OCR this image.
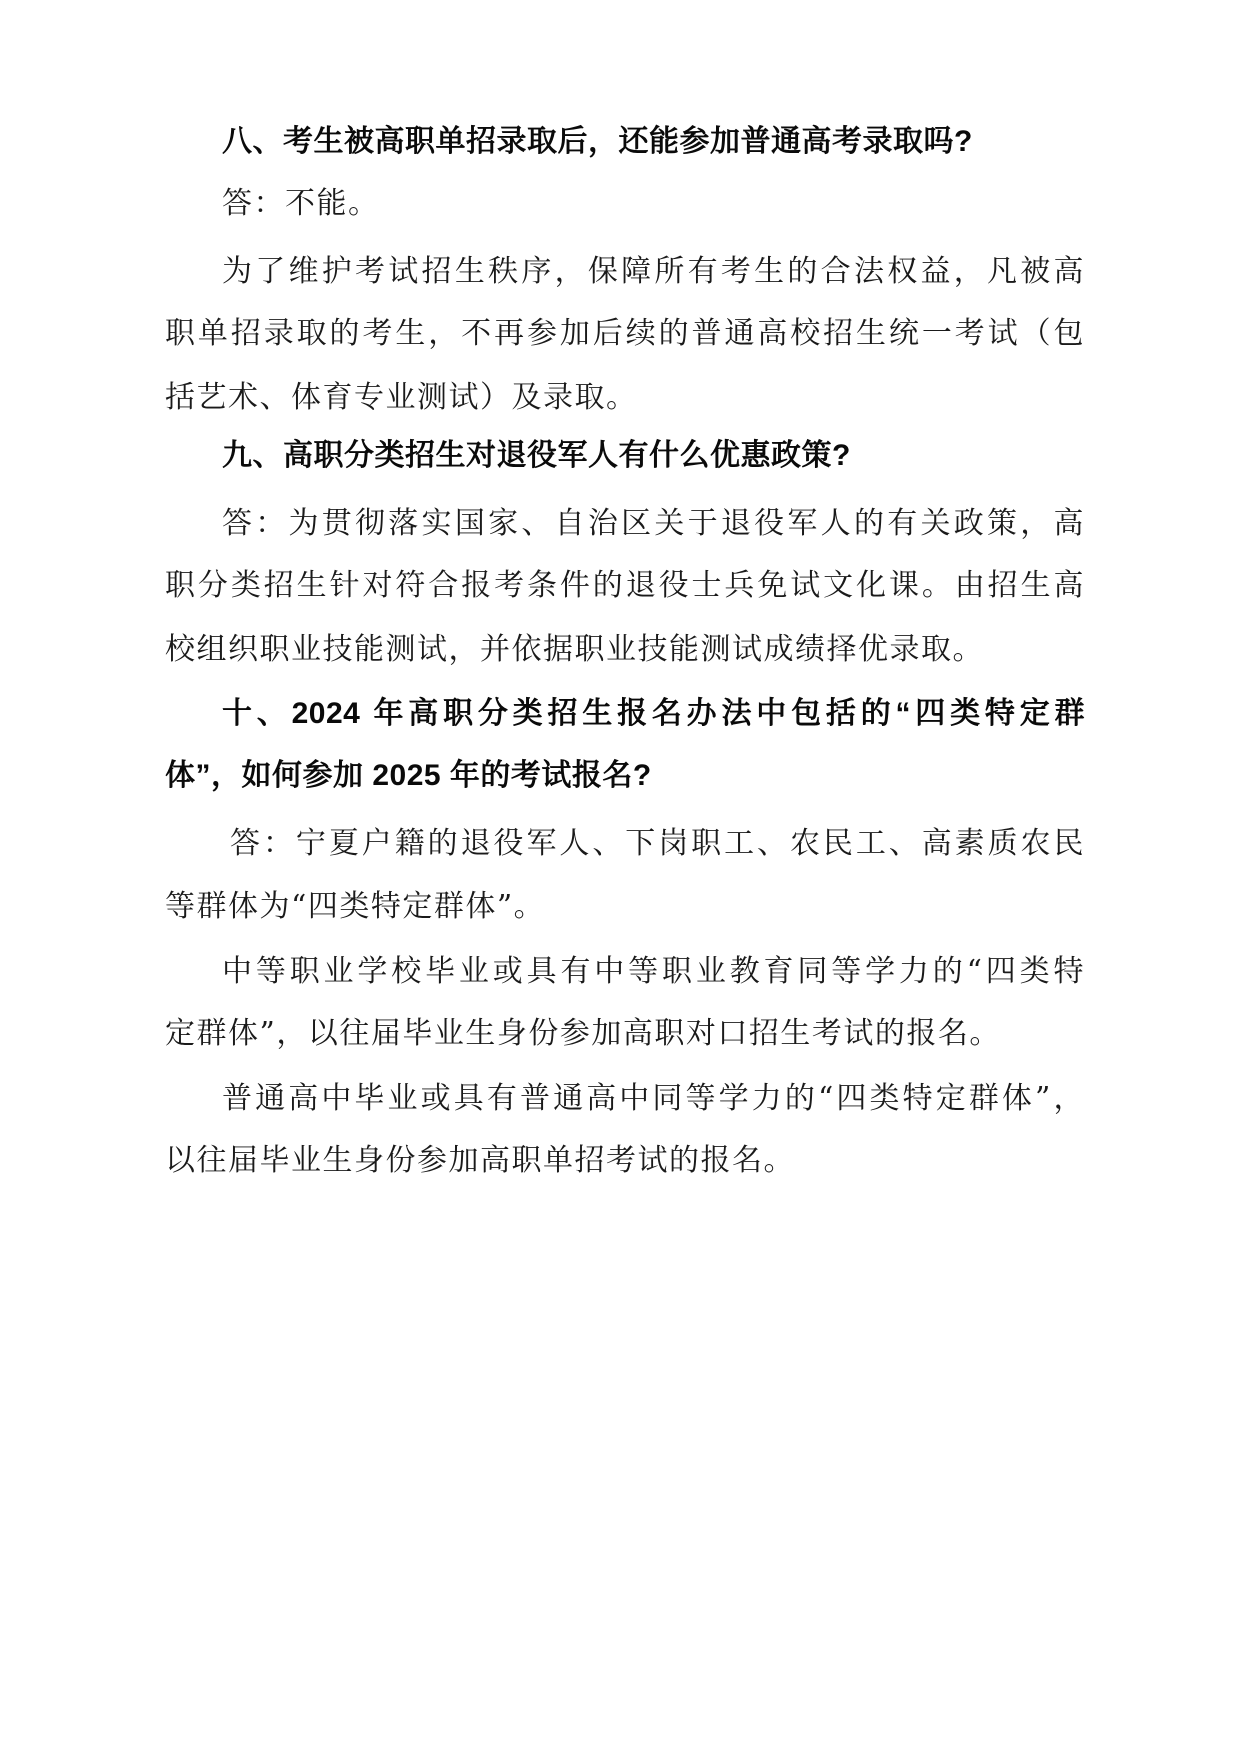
八、考生被高职单招录取后，还能参加普通高考录取吗?
答：不能。
为了维护考试招生秩序，保障所有考生的合法权益，凡被高
职单招录取的考生，不再参加后续的普通高校招生统一考试（包
括艺术、体育专业测试）及录取。
九、高职分类招生对退役军人有什么优惠政策?
答：为贯彻落实国家、自治区关于退役军人的有关政策，高
职分类招生针对符合报考条件的退役士兵免试文化课。由招生高
校组织职业技能测试，并依据职业技能测试成绩择优录取。
十、2024 年高职分类招生报名办法中包括的“四类特定群
体”，如何参加 2025 年的考试报名?
答：宁夏户籍的退役军人、下岗职工、农民工、高素质农民
等群体为“四类特定群体”。
中等职业学校毕业或具有中等职业教育同等学力的“四类特
定群体”，以往届毕业生身份参加高职对口招生考试的报名。
普通高中毕业或具有普通高中同等学力的“四类特定群体”，
以往届毕业生身份参加高职单招考试的报名。
